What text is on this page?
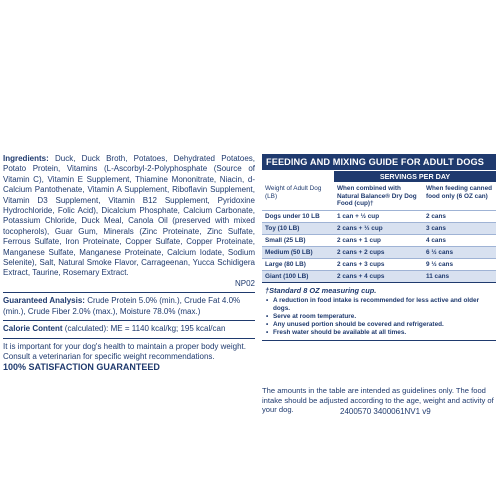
Ingredients: Duck, Duck Broth, Potatoes, Dehydrated Potatoes, Potato Protein, Vitamins (L-Ascorbyl-2-Polyphosphate (Source of Vitamin C), Vitamin E Supplement, Thiamine Mononitrate, Niacin, d-Calcium Pantothenate, Vitamin A Supplement, Riboflavin Supplement, Vitamin D3 Supplement, Vitamin B12 Supplement, Pyridoxine Hydrochloride, Folic Acid), Dicalcium Phosphate, Calcium Carbonate, Potassium Chloride, Duck Meal, Canola Oil (preserved with mixed tocopherols), Guar Gum, Minerals (Zinc Proteinate, Zinc Sulfate, Ferrous Sulfate, Iron Proteinate, Copper Sulfate, Copper Proteinate, Manganese Sulfate, Manganese Proteinate, Calcium Iodate, Sodium Selenite), Salt, Natural Smoke Flavor, Carrageenan, Yucca Schidigera Extract, Taurine, Rosemary Extract.
NP02

Guaranteed Analysis: Crude Protein 5.0% (min.), Crude Fat 4.0% (min.), Crude Fiber 2.0% (max.), Moisture 78.0% (max.)

Calorie Content (calculated): ME = 1140 kcal/kg; 195 kcal/can

It is important for your dog's health to maintain a proper body weight.

Consult a veterinarian for specific weight recommendations.

100% SATISFACTION GUARANTEED

FEEDING AND MIXING GUIDE FOR ADULT DOGS
SERVINGS PER DAY
Weight of Adult Dog (LB)	When combined with Natural Balance® Dry Dog Food (cup)†	When feeding canned food only (6 OZ can)
Dogs under 10 LB	1 can + ½ cup	2 cans
Toy (10 LB)	2 cans + ⅓ cup	3 cans
Small (25 LB)	2 cans + 1 cup	4 cans
Medium (50 LB)	2 cans + 2 cups	6 ½ cans
Large (80 LB)	2 cans + 3 cups	9 ½ cans
Giant (100 LB)	2 cans + 4 cups	11 cans
†Standard 8 OZ measuring cup.
• A reduction in food intake is recommended for less active and older dogs.
• Serve at room temperature.
• Any unused portion should be covered and refrigerated.
• Fresh water should be available at all times.

The amounts in the table are intended as guidelines only. The food intake should be adjusted according to the age, weight and activity of your dog.	2400570 3400061NV1 v9
